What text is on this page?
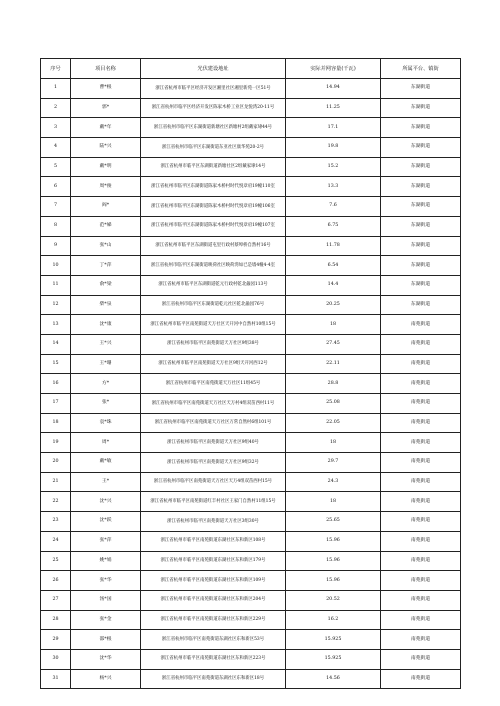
序号	项目名称	光伏建设地址	实际并网容量(千瓦)	所属平台、镇街
1	曹*根	浙江省杭州市临平区经济开发区湘里社区湘里新苑一区51号	14.94	东湖街道
2	郭*	浙江省杭州市临平区经济开发区陈家木桥工业区龙悦湾20-11号	11.25	东湖街道
3	戴*年	浙江省杭州市临平区东湖街道新塘社区新塘村2组戴家埭44号	17.1	东湖街道
4	陆*兴	浙江省杭州市临平区东湖街道东亚社区康华苑20-2号	19.8	东湖街道
5	戴*明	浙江省杭州市临平区东湖街道新塘社区2组戴家埭14号	15.2	东湖街道
6	周*俊	浙江省杭州市临平区东湖街道陈家木桥村时代悦章府19幢110室	13.3	东湖街道
7	阎*	浙江省杭州市临平区东湖街道陈家木桥村时代悦章府19幢106室	7.6	东湖街道
8	范*娣	浙江省杭州市临平区东湖街道陈家木桥村时代悦章府19幢107室	6.75	东湖街道
9	张*山	浙江省杭州市临平区东湖街道屯里行政村蔡埠桥自然村16号	11.78	东湖街道
10	丁*萍	浙江省杭州市临平区东湖街道映荷社区映荷湾如已是墙4幢4-4室	6.54	东湖街道
11	俞*梁	浙江省杭州市临平区东湖街道乾元行政村乾北蠡园113号	14.4	东湖街道
12	柴*泉	浙江省杭州市临平区东湖街道乾元社区乾北蠡园76号	20.25	东湖街道
13	沈*康	浙江省杭州市临平区南苑街道天万社区天开河中自然村10组15号	18	南苑街道
14	王*兴	浙江省杭州市临平区南苑街道天万社区9组38号	27.45	南苑街道
15	王*珊	浙江省杭州市临平区南苑街道天万社区9组天开河西12号	22.11	南苑街道
16	方*	浙江省杭州市临平区南苑街道天万社区11组45号	28.8	南苑街道
17	张*	浙江省杭州市临平区南苑街道天万社区天万村4组双苗西村11号	25.08	南苑街道
18	袁*珠	浙江省杭州市临平区南苑街道天万社区万常自然村6组101号	22.05	南苑街道
19	周*	浙江省杭州市临平区南苑街道天万社区9组40号	18	南苑街道
20	戴*敏	浙江省杭州市临平区南苑街道天万社区9组32号	29.7	南苑街道
21	王*	浙江省杭州市临平区南苑街道天万社区天万4组双苗西村15号	24.3	南苑街道
22	沈*兴	浙江省杭州市临平区南苑街道红丰村社区王家门自然村11组15号	18	南苑街道
23	沈*跃	浙江省杭州市临平区南苑街道天万社区3组30号	25.65	南苑街道
24	张*萍	浙江省杭州市临平区南苑街道东湖社区东和新区108号	15.96	南苑街道
25	姚*娟	浙江省杭州市临平区南苑街道东湖社区东和新区179号	15.96	南苑街道
26	张*华	浙江省杭州市临平区南苑街道东湖社区东和新区109号	15.96	南苑街道
27	汤*国	浙江省杭州市临平区南苑街道东湖社区东和新区204号	20.52	南苑街道
28	张*金	浙江省杭州市临平区南苑街道东湖社区东和新区229号	16.2	南苑街道
29	邵*根	浙江省杭州市临平区南苑街道东湖社区东和新区53号	15.925	南苑街道
30	沈*华	浙江省杭州市临平区南苑街道东湖社区东和新区223号	15.925	南苑街道
31	杨*兴	浙江省杭州市临平区南苑街道东湖社区东和新区18号	14.56	南苑街道
